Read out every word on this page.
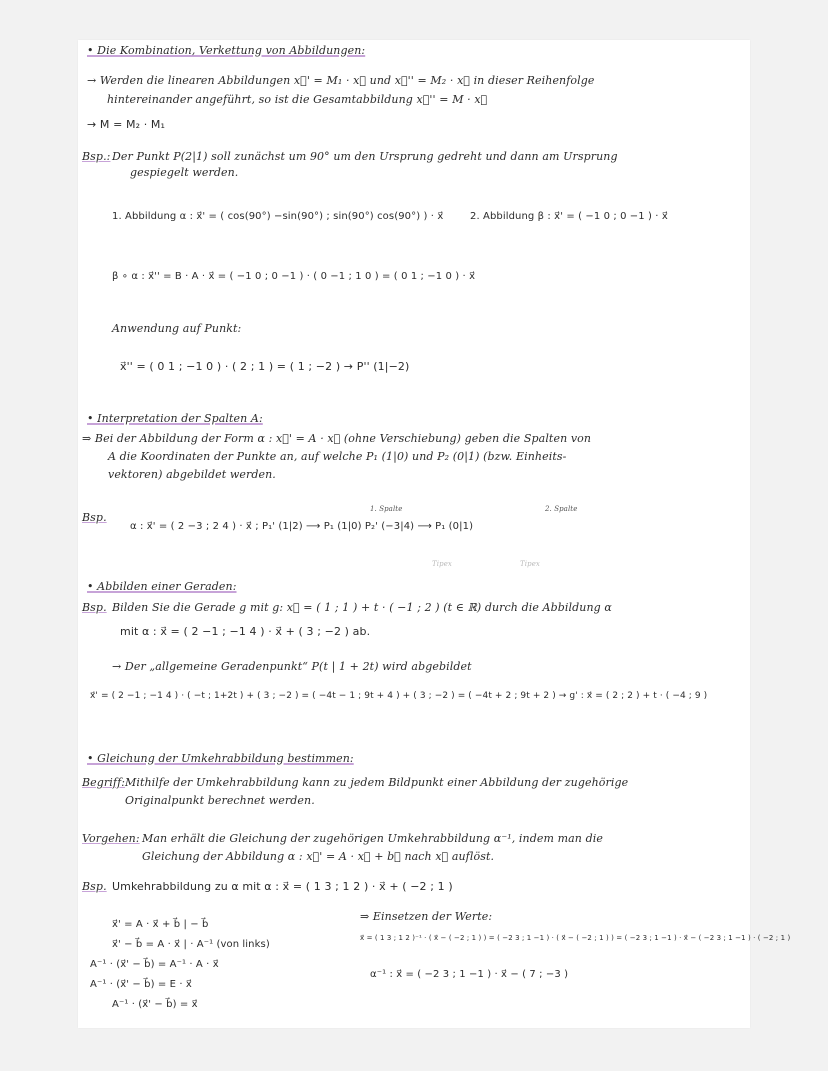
• Die Kombination, Verkettung von Abbildungen:
→ Werden die linearen Abbildungen x⃗' = M₁ · x⃗ und x⃗'' = M₂ · x⃗ in dieser Reihenfolge
hintereinander angeführt, so ist die Gesamtabbildung x⃗'' = M · x⃗
→ M = M₂ · M₁
Bsp.: Der Punkt P(2|1) soll zunächst um 90° um den Ursprung gedreht und dann am Ursprung
gespiegelt werden.
1. Abbildung α : x⃗' = ( cos(90°) −sin(90°) ; sin(90°) cos(90°) ) · x⃗	2. Abbildung β : x⃗' = ( −1 0 ; 0 −1 ) · x⃗
β ∘ α : x⃗'' = B · A · x⃗ = ( −1 0 ; 0 −1 ) · ( 0 −1 ; 1 0 ) = ( 0 1 ; −1 0 ) · x⃗
Anwendung auf Punkt:
x⃗'' = ( 0 1 ; −1 0 ) · ( 2 ; 1 ) = ( 1 ; −2 ) → P'' (1|−2)
• Interpretation der Spalten A:
⇒ Bei der Abbildung der Form α : x⃗' = A · x⃗ (ohne Verschiebung) geben die Spalten von
A die Koordinaten der Punkte an, auf welche P₁ (1|0) und P₂ (0|1) (bzw. Einheits-
vektoren) abgebildet werden.
Bsp.
1. Spalte	2. Spalte
α : x⃗' = ( 2 −3 ; 2 4 ) · x⃗ ; P₁' (1|2) ⟶ P₁ (1|0) P₂' (−3|4) ⟶ P₁ (0|1)
Tipex	Tipex
• Abbilden einer Geraden:
Bsp. Bilden Sie die Gerade g mit g: x⃗ = ( 1 ; 1 ) + t · ( −1 ; 2 ) (t ∈ ℝ) durch die Abbildung α
mit α : x⃗ = ( 2 −1 ; −1 4 ) · x⃗ + ( 3 ; −2 ) ab.
→ Der „allgemeine Geradenpunkt“ P(t | 1 + 2t) wird abgebildet
x⃗' = ( 2 −1 ; −1 4 ) · ( −t ; 1+2t ) + ( 3 ; −2 ) = ( −4t − 1 ; 9t + 4 ) + ( 3 ; −2 ) = ( −4t + 2 ; 9t + 2 ) → g' : x⃗ = ( 2 ; 2 ) + t · ( −4 ; 9 )
• Gleichung der Umkehrabbildung bestimmen:
Begriff: Mithilfe der Umkehrabbildung kann zu jedem Bildpunkt einer Abbildung der zugehörige
Originalpunkt berechnet werden.
Vorgehen: Man erhält die Gleichung der zugehörigen Umkehrabbildung α⁻¹, indem man die
Gleichung der Abbildung α : x⃗' = A · x⃗ + b⃗ nach x⃗ auflöst.
Bsp. Umkehrabbildung zu α mit α : x⃗ = ( 1 3 ; 1 2 ) · x⃗ + ( −2 ; 1 )
x⃗' = A · x⃗ + b⃗ | − b⃗
x⃗' − b⃗ = A · x⃗ | · A⁻¹ (von links)
A⁻¹ · (x⃗' − b⃗) = A⁻¹ · A · x⃗
A⁻¹ · (x⃗' − b⃗) = E · x⃗
A⁻¹ · (x⃗' − b⃗) = x⃗
⇒ Einsetzen der Werte:
x⃗ = ( 1 3 ; 1 2 )⁻¹ · ( x⃗ − ( −2 ; 1 ) ) = ( −2 3 ; 1 −1 ) · ( x⃗ − ( −2 ; 1 ) ) = ( −2 3 ; 1 −1 ) · x⃗ − ( −2 3 ; 1 −1 ) · ( −2 ; 1 )
α⁻¹ : x⃗ = ( −2 3 ; 1 −1 ) · x⃗ − ( 7 ; −3 )
